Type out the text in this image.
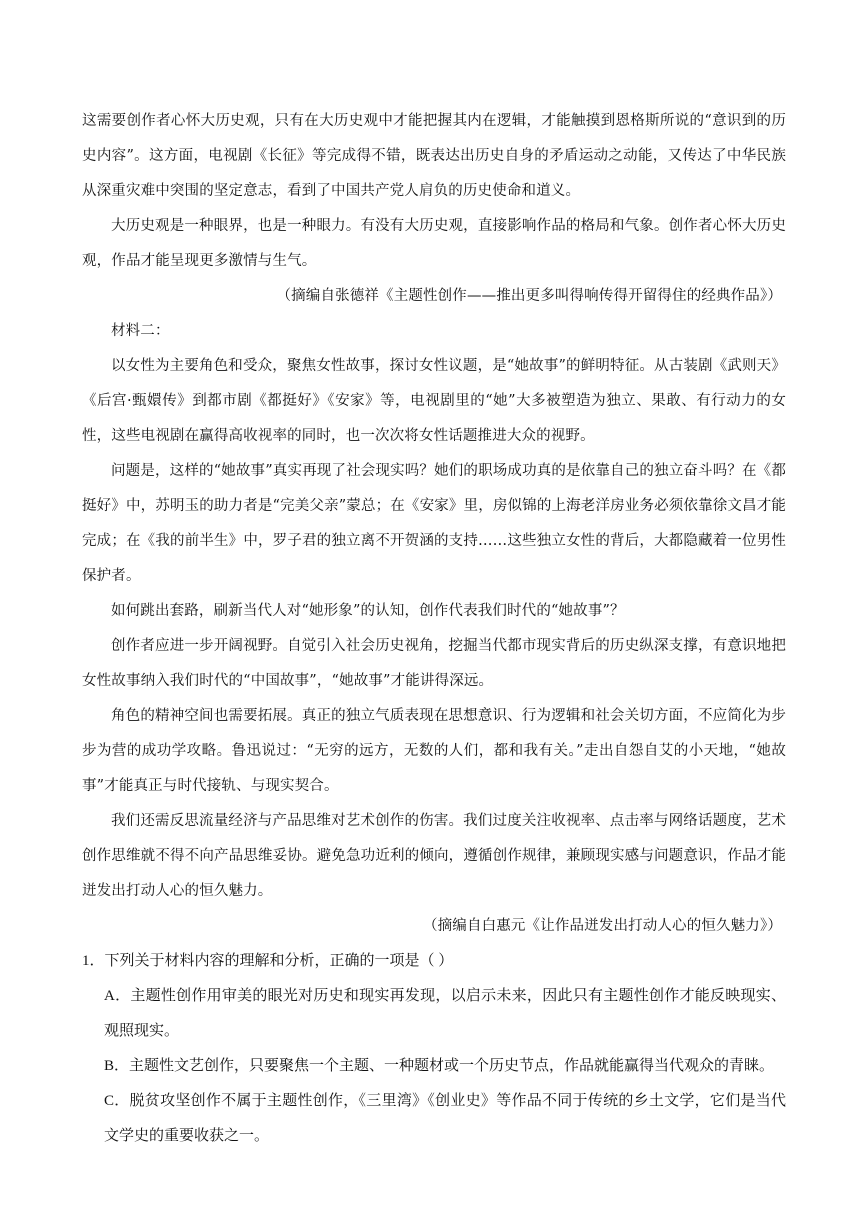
这需要创作者心怀大历史观，只有在大历史观中才能把握其内在逻辑，才能触摸到恩格斯所说的“意识到的历史内容”。这方面，电视剧《长征》等完成得不错，既表达出历史自身的矛盾运动之动能，又传达了中华民族从深重灾难中突围的坚定意志，看到了中国共产党人肩负的历史使命和道义。

大历史观是一种眼界，也是一种眼力。有没有大历史观，直接影响作品的格局和气象。创作者心怀大历史观，作品才能呈现更多激情与生气。

（摘编自张德祥《主题性创作——推出更多叫得响传得开留得住的经典作品》）

材料二：

以女性为主要角色和受众，聚焦女性故事，探讨女性议题，是“她故事”的鲜明特征。从古装剧《武则天》《后宫·甄嬛传》到都市剧《都挺好》《安家》等，电视剧里的“她”大多被塑造为独立、果敢、有行动力的女性，这些电视剧在赢得高收视率的同时，也一次次将女性话题推进大众的视野。

问题是，这样的“她故事”真实再现了社会现实吗？她们的职场成功真的是依靠自己的独立奋斗吗？在《都挺好》中，苏明玉的助力者是“完美父亲”蒙总；在《安家》里，房似锦的上海老洋房业务必须依靠徐文昌才能完成；在《我的前半生》中，罗子君的独立离不开贺涵的支持……这些独立女性的背后，大都隐藏着一位男性保护者。

如何跳出套路，刷新当代人对“她形象”的认知，创作代表我们时代的“她故事”？

创作者应进一步开阔视野。自觉引入社会历史视角，挖掘当代都市现实背后的历史纵深支撑，有意识地把女性故事纳入我们时代的“中国故事”，“她故事”才能讲得深远。

角色的精神空间也需要拓展。真正的独立气质表现在思想意识、行为逻辑和社会关切方面，不应简化为步步为营的成功学攻略。鲁迅说过：“无穷的远方，无数的人们，都和我有关。”走出自怨自艾的小天地，“她故事”才能真正与时代接轨、与现实契合。

我们还需反思流量经济与产品思维对艺术创作的伤害。我们过度关注收视率、点击率与网络话题度，艺术创作思维就不得不向产品思维妥协。避免急功近利的倾向，遵循创作规律，兼顾现实感与问题意识，作品才能迸发出打动人心的恒久魅力。

（摘编自白惠元《让作品迸发出打动人心的恒久魅力》）

1．下列关于材料内容的理解和分析，正确的一项是（ ）

A．主题性创作用审美的眼光对历史和现实再发现，以启示未来，因此只有主题性创作才能反映现实、观照现实。

B．主题性文艺创作，只要聚焦一个主题、一种题材或一个历史节点，作品就能赢得当代观众的青睐。

C．脱贫攻坚创作不属于主题性创作，《三里湾》《创业史》等作品不同于传统的乡土文学，它们是当代文学史的重要收获之一。
